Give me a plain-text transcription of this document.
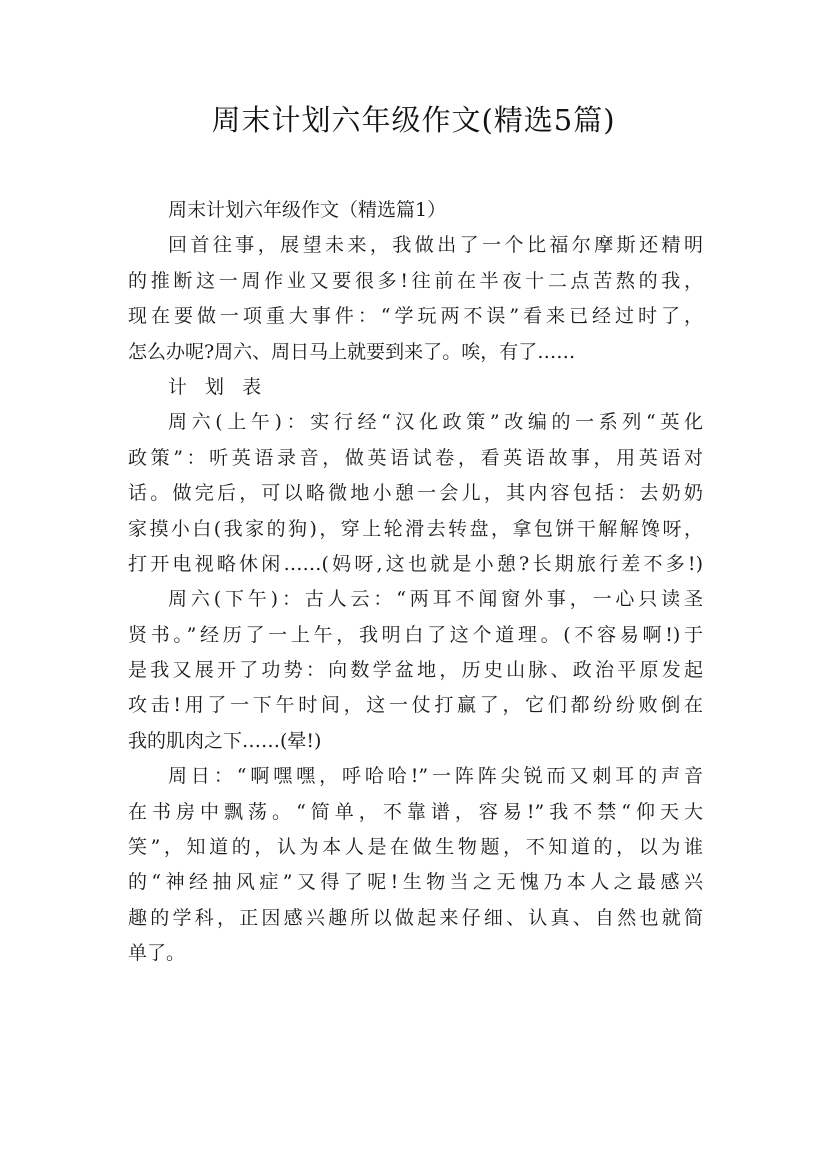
周末计划六年级作文(精选5篇)
周末计划六年级作文（精选篇1）
回首往事，展望未来，我做出了一个比福尔摩斯还精明
的推断这一周作业又要很多!往前在半夜十二点苦熬的我，
现在要做一项重大事件：“学玩两不误”看来已经过时了，
怎么办呢?周六、周日马上就要到来了。唉，有了……
计 划 表
周六(上午)：实行经“汉化政策”改编的一系列“英化
政策”：听英语录音，做英语试卷，看英语故事，用英语对
话。做完后，可以略微地小憩一会儿，其内容包括：去奶奶
家摸小白(我家的狗)，穿上轮滑去转盘，拿包饼干解解馋呀，
打开电视略休闲……(妈呀,这也就是小憩?长期旅行差不多!)
周六(下午)：古人云：“两耳不闻窗外事，一心只读圣
贤书。”经历了一上午，我明白了这个道理。(不容易啊!)于
是我又展开了功势：向数学盆地，历史山脉、政治平原发起
攻击!用了一下午时间，这一仗打赢了，它们都纷纷败倒在
我的肌肉之下……(晕!)
周日：“啊嘿嘿，呼哈哈!”一阵阵尖锐而又刺耳的声音
在书房中飘荡。“简单，不靠谱，容易!”我不禁“仰天大
笑”，知道的，认为本人是在做生物题，不知道的，以为谁
的“神经抽风症”又得了呢!生物当之无愧乃本人之最感兴
趣的学科，正因感兴趣所以做起来仔细、认真、自然也就简
单了。
